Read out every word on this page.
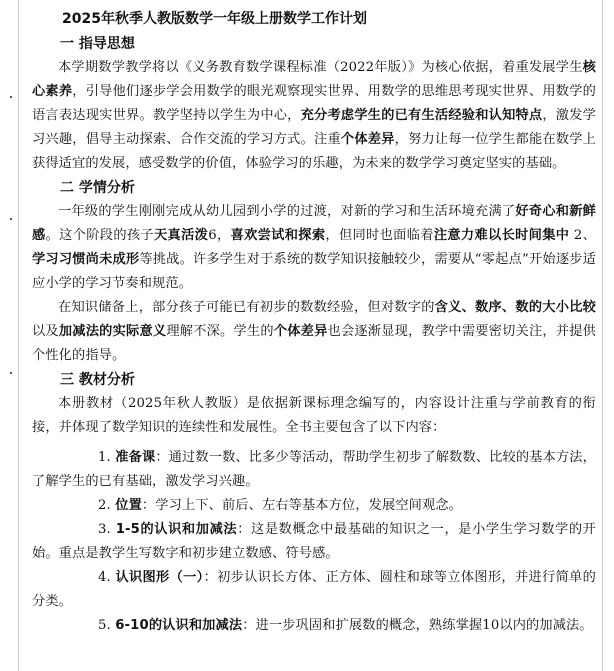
2025年秋季人教版数学一年级上册数学工作计划
一 指导思想

本学期数学教学将以《义务教育数学课程标准（2022年版）》为核心依据，着重发展学生核心素养，引导他们逐步学会用数学的眼光观察现实世界、用数学的思维思考现实世界、用数学的语言表达现实世界。教学坚持以学生为中心，充分考虑学生的已有生活经验和认知特点，激发学习兴趣，倡导主动探索、合作交流的学习方式。注重个体差异，努力让每一位学生都能在数学上获得适宜的发展，感受数学的价值，体验学习的乐趣，为未来的数学学习奠定坚实的基础。

二 学情分析

一年级的学生刚刚完成从幼儿园到小学的过渡，对新的学习和生活环境充满了好奇心和新鲜感。这个阶段的孩子天真活泼6，喜欢尝试和探索，但同时也面临着注意力难以长时间集中 2、学习习惯尚未成形等挑战。许多学生对于系统的数学知识接触较少，需要从“零起点”开始逐步适应小学的学习节奏和规范。

在知识储备上，部分孩子可能已有初步的数数经验，但对数字的含义、数序、数的大小比较以及加减法的实际意义理解不深。学生的个体差异也会逐渐显现，教学中需要密切关注，并提供个性化的指导。

三 教材分析

本册教材（2025年秋人教版）是依据新课标理念编写的，内容设计注重与学前教育的衔接，并体现了数学知识的连续性和发展性。全书主要包含了以下内容：

1. 准备课：通过数一数、比多少等活动，帮助学生初步了解数数、比较的基本方法，了解学生的已有基础，激发学习兴趣。

2. 位置：学习上下、前后、左右等基本方位，发展空间观念。

3. 1-5的认识和加减法：这是数概念中最基础的知识之一，是小学生学习数学的开始。重点是教学生写数字和初步建立数感、符号感。

4. 认识图形（一）：初步认识长方体、正方体、圆柱和球等立体图形，并进行简单的分类。

5. 6-10的认识和加减法：进一步巩固和扩展数的概念，熟练掌握10以内的加减法。
